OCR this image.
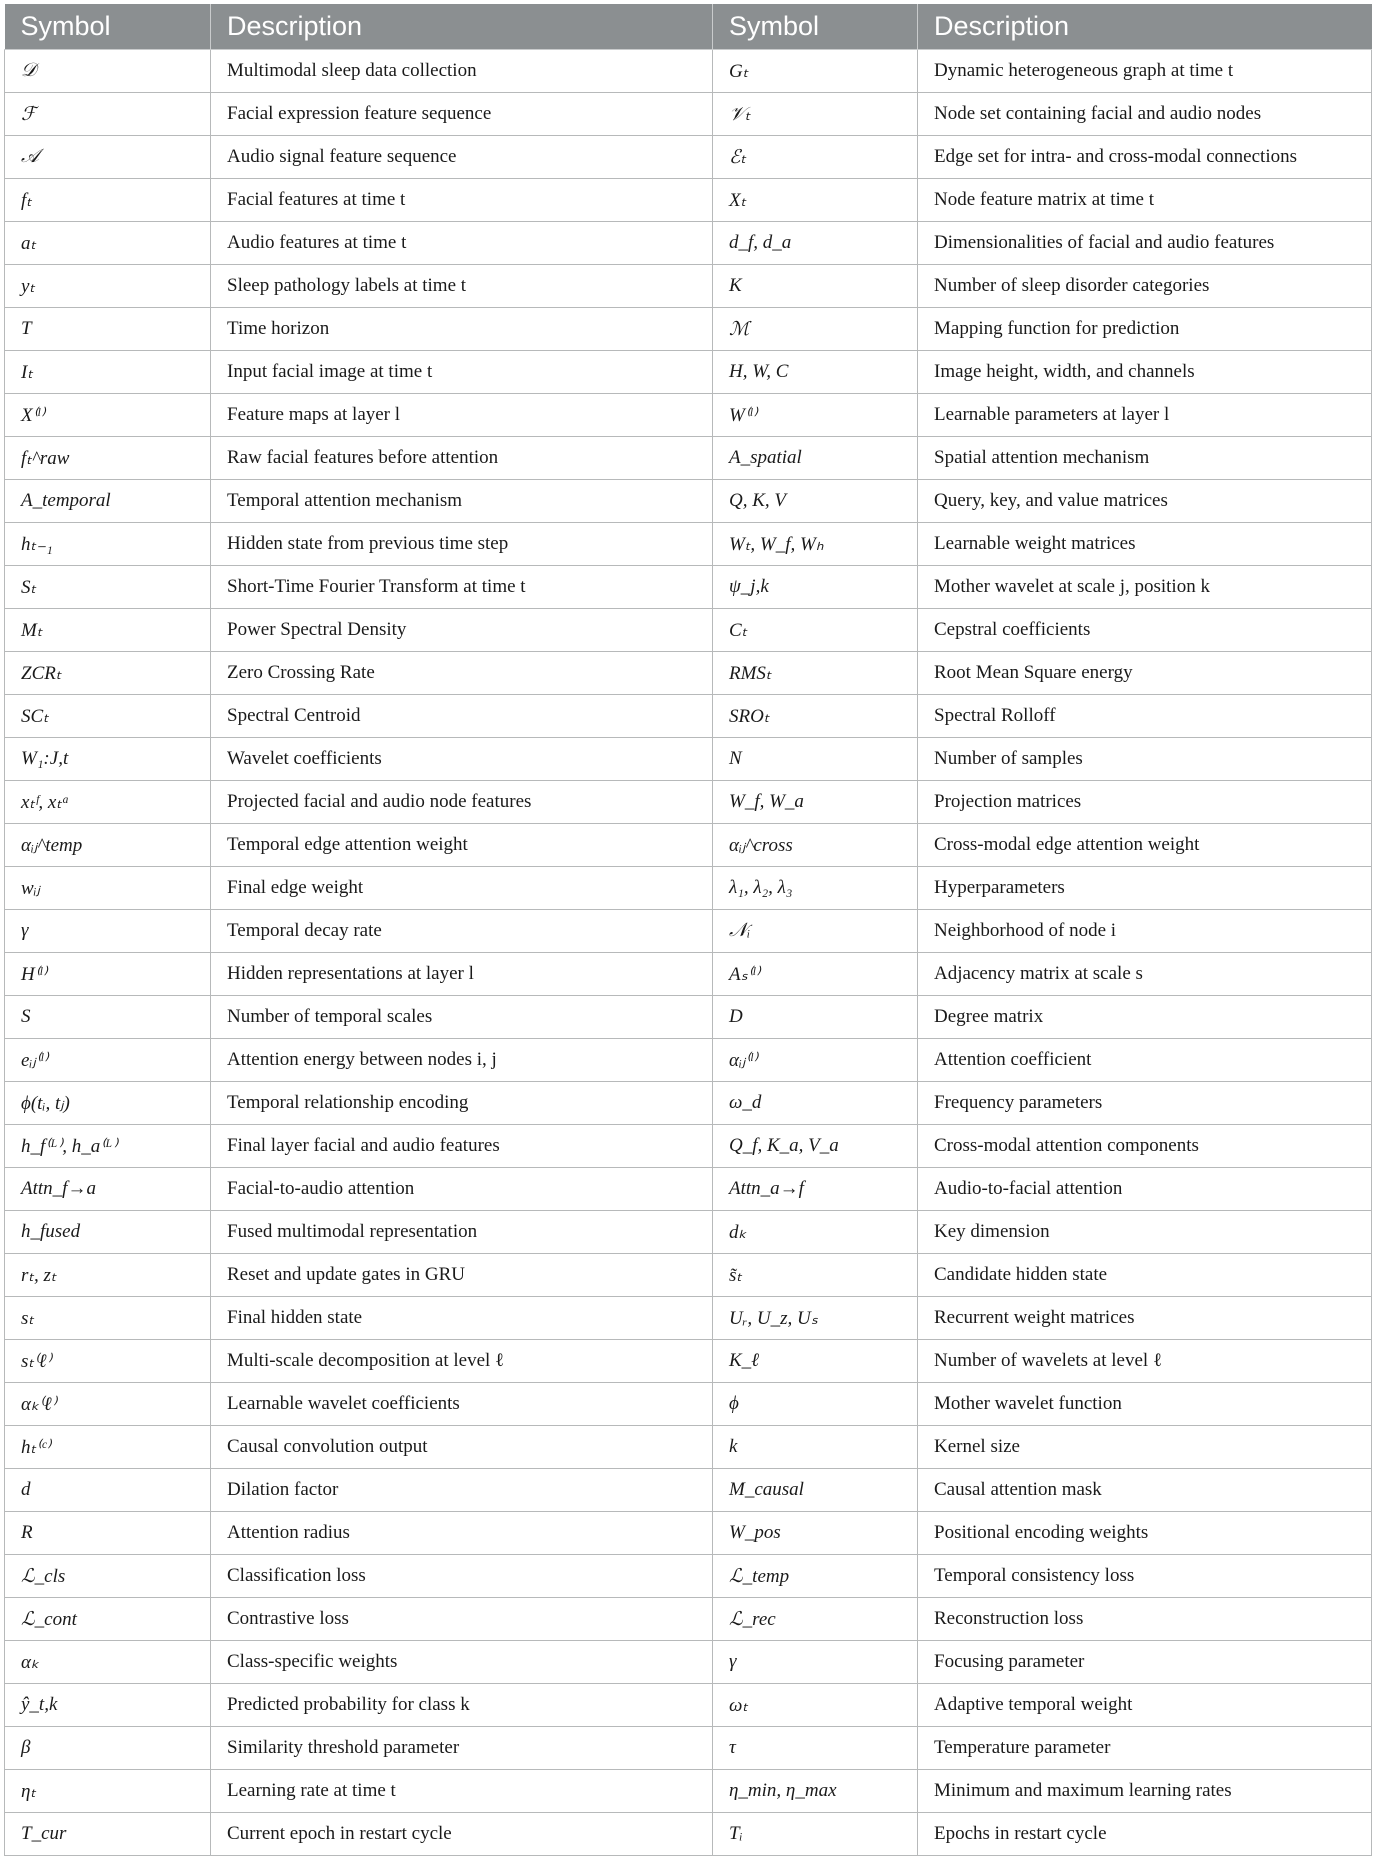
Symbol	Description	Symbol	Description
𝒟	Multimodal sleep data collection	Gₜ	Dynamic heterogeneous graph at time t
ℱ	Facial expression feature sequence	𝒱ₜ	Node set containing facial and audio nodes
𝒜	Audio signal feature sequence	ℰₜ	Edge set for intra- and cross-modal connections
fₜ	Facial features at time t	Xₜ	Node feature matrix at time t
aₜ	Audio features at time t	d_f, d_a	Dimensionalities of facial and audio features
yₜ	Sleep pathology labels at time t	K	Number of sleep disorder categories
T	Time horizon	ℳ	Mapping function for prediction
Iₜ	Input facial image at time t	H, W, C	Image height, width, and channels
X⁽ˡ⁾	Feature maps at layer l	W⁽ˡ⁾	Learnable parameters at layer l
fₜ^raw	Raw facial features before attention	A_spatial	Spatial attention mechanism
A_temporal	Temporal attention mechanism	Q, K, V	Query, key, and value matrices
hₜ₋₁	Hidden state from previous time step	Wₜ, W_f, Wₕ	Learnable weight matrices
Sₜ	Short-Time Fourier Transform at time t	ψ_j,k	Mother wavelet at scale j, position k
Mₜ	Power Spectral Density	Cₜ	Cepstral coefficients
ZCRₜ	Zero Crossing Rate	RMSₜ	Root Mean Square energy
SCₜ	Spectral Centroid	SROₜ	Spectral Rolloff
W₁:J,t	Wavelet coefficients	N	Number of samples
xₜᶠ, xₜᵃ	Projected facial and audio node features	W_f, W_a	Projection matrices
αᵢⱼ^temp	Temporal edge attention weight	αᵢⱼ^cross	Cross-modal edge attention weight
wᵢⱼ	Final edge weight	λ₁, λ₂, λ₃	Hyperparameters
γ	Temporal decay rate	𝒩ᵢ	Neighborhood of node i
H⁽ˡ⁾	Hidden representations at layer l	Aₛ⁽ˡ⁾	Adjacency matrix at scale s
S	Number of temporal scales	D	Degree matrix
eᵢⱼ⁽ˡ⁾	Attention energy between nodes i, j	αᵢⱼ⁽ˡ⁾	Attention coefficient
ϕ(tᵢ, tⱼ)	Temporal relationship encoding	ω_d	Frequency parameters
h_f⁽ᴸ⁾, h_a⁽ᴸ⁾	Final layer facial and audio features	Q_f, K_a, V_a	Cross-modal attention components
Attn_f→a	Facial-to-audio attention	Attn_a→f	Audio-to-facial attention
h_fused	Fused multimodal representation	dₖ	Key dimension
rₜ, zₜ	Reset and update gates in GRU	s̃ₜ	Candidate hidden state
sₜ	Final hidden state	Uᵣ, U_z, Uₛ	Recurrent weight matrices
sₜ⁽ℓ⁾	Multi-scale decomposition at level ℓ	K_ℓ	Number of wavelets at level ℓ
αₖ⁽ℓ⁾	Learnable wavelet coefficients	ϕ	Mother wavelet function
hₜ⁽ᶜ⁾	Causal convolution output	k	Kernel size
d	Dilation factor	M_causal	Causal attention mask
R	Attention radius	W_pos	Positional encoding weights
ℒ_cls	Classification loss	ℒ_temp	Temporal consistency loss
ℒ_cont	Contrastive loss	ℒ_rec	Reconstruction loss
αₖ	Class-specific weights	γ	Focusing parameter
ŷ_t,k	Predicted probability for class k	ωₜ	Adaptive temporal weight
β	Similarity threshold parameter	τ	Temperature parameter
ηₜ	Learning rate at time t	η_min, η_max	Minimum and maximum learning rates
T_cur	Current epoch in restart cycle	Tᵢ	Epochs in restart cycle
